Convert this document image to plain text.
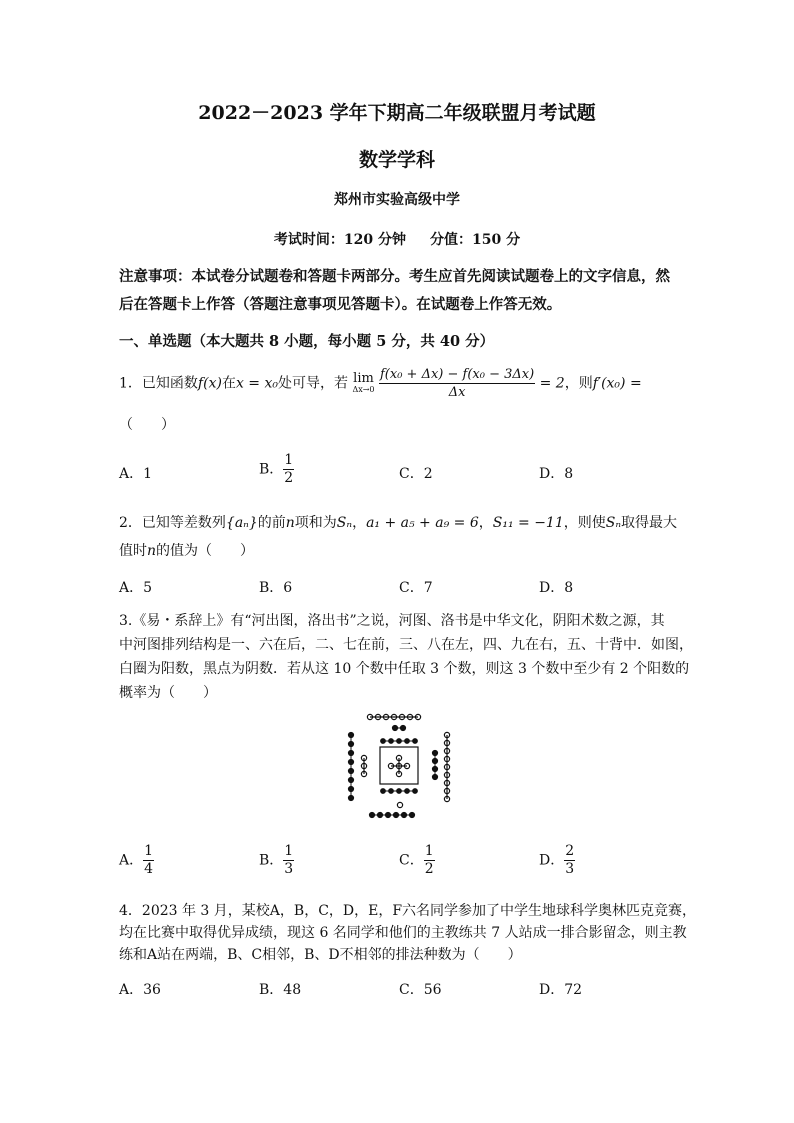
2022－2023 学年下期高二年级联盟月考试题
数学学科
郑州市实验高级中学
考试时间：120 分钟 分值：150 分
注意事项：本试卷分试题卷和答题卡两部分。考生应首先阅读试题卷上的文字信息，然后在答题卡上作答（答题注意事项见答题卡）。在试题卷上作答无效。
一、单选题（本大题共 8 小题，每小题 5 分，共 40 分）
1．已知函数f(x)在x = x₀处可导，若 lim
Δx→0
$\frac{\text{f(x₀ + Δx) − f(x₀ − 3Δx)}}{\Delta x} = 2$，则f′(x₀) =
（　　）
A．1	B． $\frac{1}{2}$	C．2	D．8
2．已知等差数列{aₙ}的前n项和为Sₙ，a₁ + a₅ + a₉ = 6，S₁₁ = −11，则使Sₙ取得最大
值时n的值为（　　）
A．5	B．6	C．7	D．8
3.《易・系辞上》有“河出图，洛出书”之说，河图、洛书是中华文化，阴阳术数之源，其
中河图排列结构是一、六在后，二、七在前，三、八在左，四、九在右，五、十背中．如图，
白圈为阳数，黑点为阴数．若从这 10 个数中任取 3 个数，则这 3 个数中至少有 2 个阳数的
概率为（　　）
A． $\frac{1}{4}$	B． $\frac{1}{3}$	C． $\frac{1}{2}$	D． $\frac{2}{3}$
4．2023 年 3 月，某校A，B，C，D，E，F六名同学参加了中学生地球科学奥林匹克竞赛，
均在比赛中取得优异成绩，现这 6 名同学和他们的主教练共 7 人站成一排合影留念，则主教
练和A站在两端，B、C相邻，B、D不相邻的排法种数为（　　）
A．36	B．48	C．56	D．72
